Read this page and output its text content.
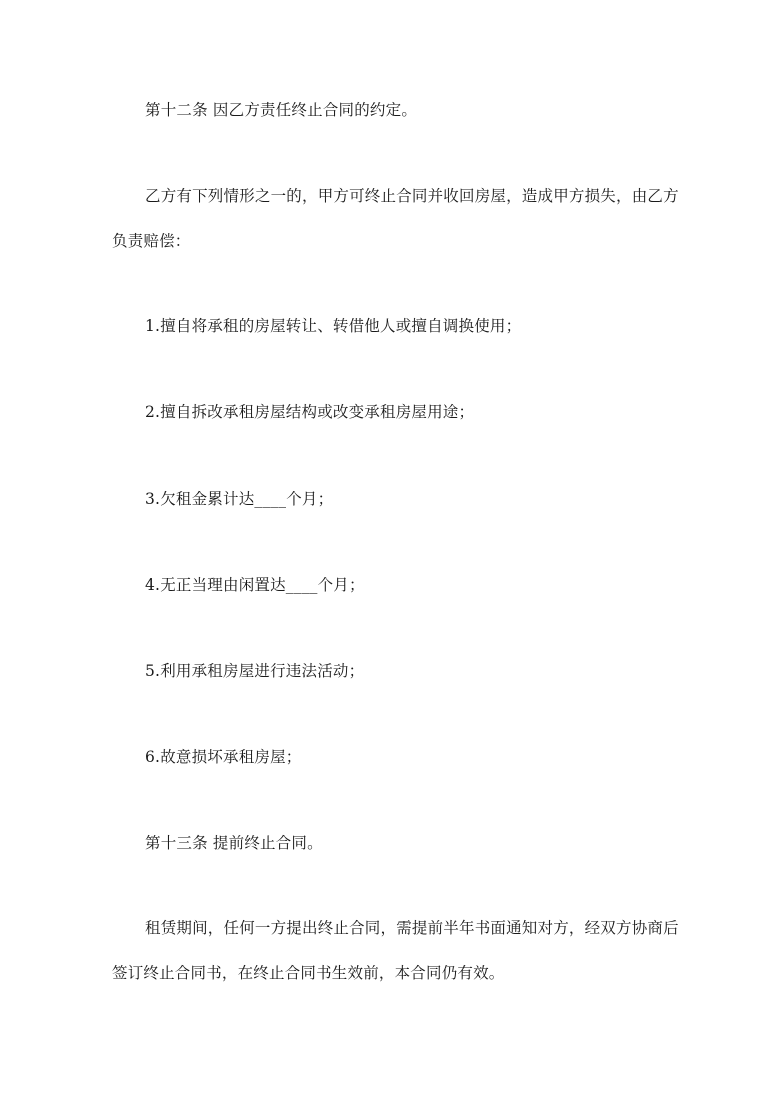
第十二条 因乙方责任终止合同的约定。

乙方有下列情形之一的，甲方可终止合同并收回房屋，造成甲方损失，由乙方

负责赔偿：

1.擅自将承租的房屋转让、转借他人或擅自调换使用；

2.擅自拆改承租房屋结构或改变承租房屋用途；

3.欠租金累计达____个月；

4.无正当理由闲置达____个月；

5.利用承租房屋进行违法活动；

6.故意损坏承租房屋；

第十三条 提前终止合同。

租赁期间，任何一方提出终止合同，需提前半年书面通知对方，经双方协商后

签订终止合同书，在终止合同书生效前，本合同仍有效。
